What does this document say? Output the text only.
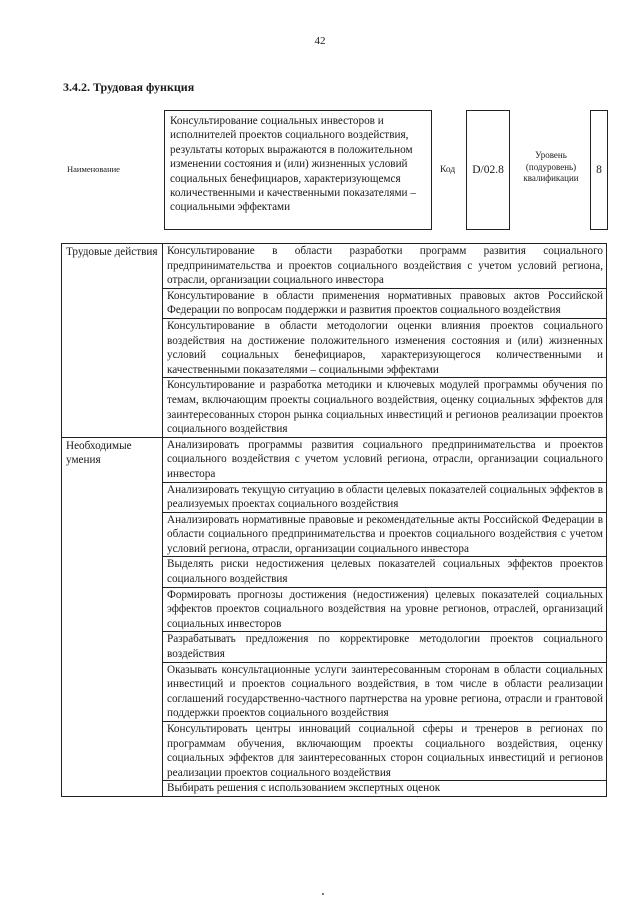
42
3.4.2. Трудовая функция
Наименование
Консультирование социальных инвесторов и исполнителей проектов социального воздействия, результаты которых выражаются в положительном изменении состояния и (или) жизненных условий социальных бенефициаров, характеризующемся количественными и качественными показателями – социальными эффектами
Код D/02.8
Уровень (подуровень) квалификации
8
Трудовые действия	Консультирование в области разработки программ развития социального предпринимательства и проектов социального воздействия с учетом условий региона, отрасли, организации социального инвестора
	Консультирование в области применения нормативных правовых актов Российской Федерации по вопросам поддержки и развития проектов социального воздействия
	Консультирование в области методологии оценки влияния проектов социального воздействия на достижение положительного изменения состояния и (или) жизненных условий социальных бенефициаров, характеризующегося количественными и качественными показателями – социальными эффектами
	Консультирование и разработка методики и ключевых модулей программы обучения по темам, включающим проекты социального воздействия, оценку социальных эффектов для заинтересованных сторон рынка социальных инвестиций и регионов реализации проектов социального воздействия
Необходимые умения	Анализировать программы развития социального предпринимательства и проектов социального воздействия с учетом условий региона, отрасли, организации социального инвестора
	Анализировать текущую ситуацию в области целевых показателей социальных эффектов в реализуемых проектах социального воздействия
	Анализировать нормативные правовые и рекомендательные акты Российской Федерации в области социального предпринимательства и проектов социального воздействия с учетом условий региона, отрасли, организации социального инвестора
	Выделять риски недостижения целевых показателей социальных эффектов проектов социального воздействия
	Формировать прогнозы достижения (недостижения) целевых показателей социальных эффектов проектов социального воздействия на уровне регионов, отраслей, организаций социальных инвесторов
	Разрабатывать предложения по корректировке методологии проектов социального воздействия
	Оказывать консультационные услуги заинтересованным сторонам в области социальных инвестиций и проектов социального воздействия, в том числе в области реализации соглашений государственно-частного партнерства на уровне региона, отрасли и грантовой поддержки проектов социального воздействия
	Консультировать центры инноваций социальной сферы и тренеров в регионах по программам обучения, включающим проекты социального воздействия, оценку социальных эффектов для заинтересованных сторон социальных инвестиций и регионов реализации проектов социального воздействия
	Выбирать решения с использованием экспертных оценок
